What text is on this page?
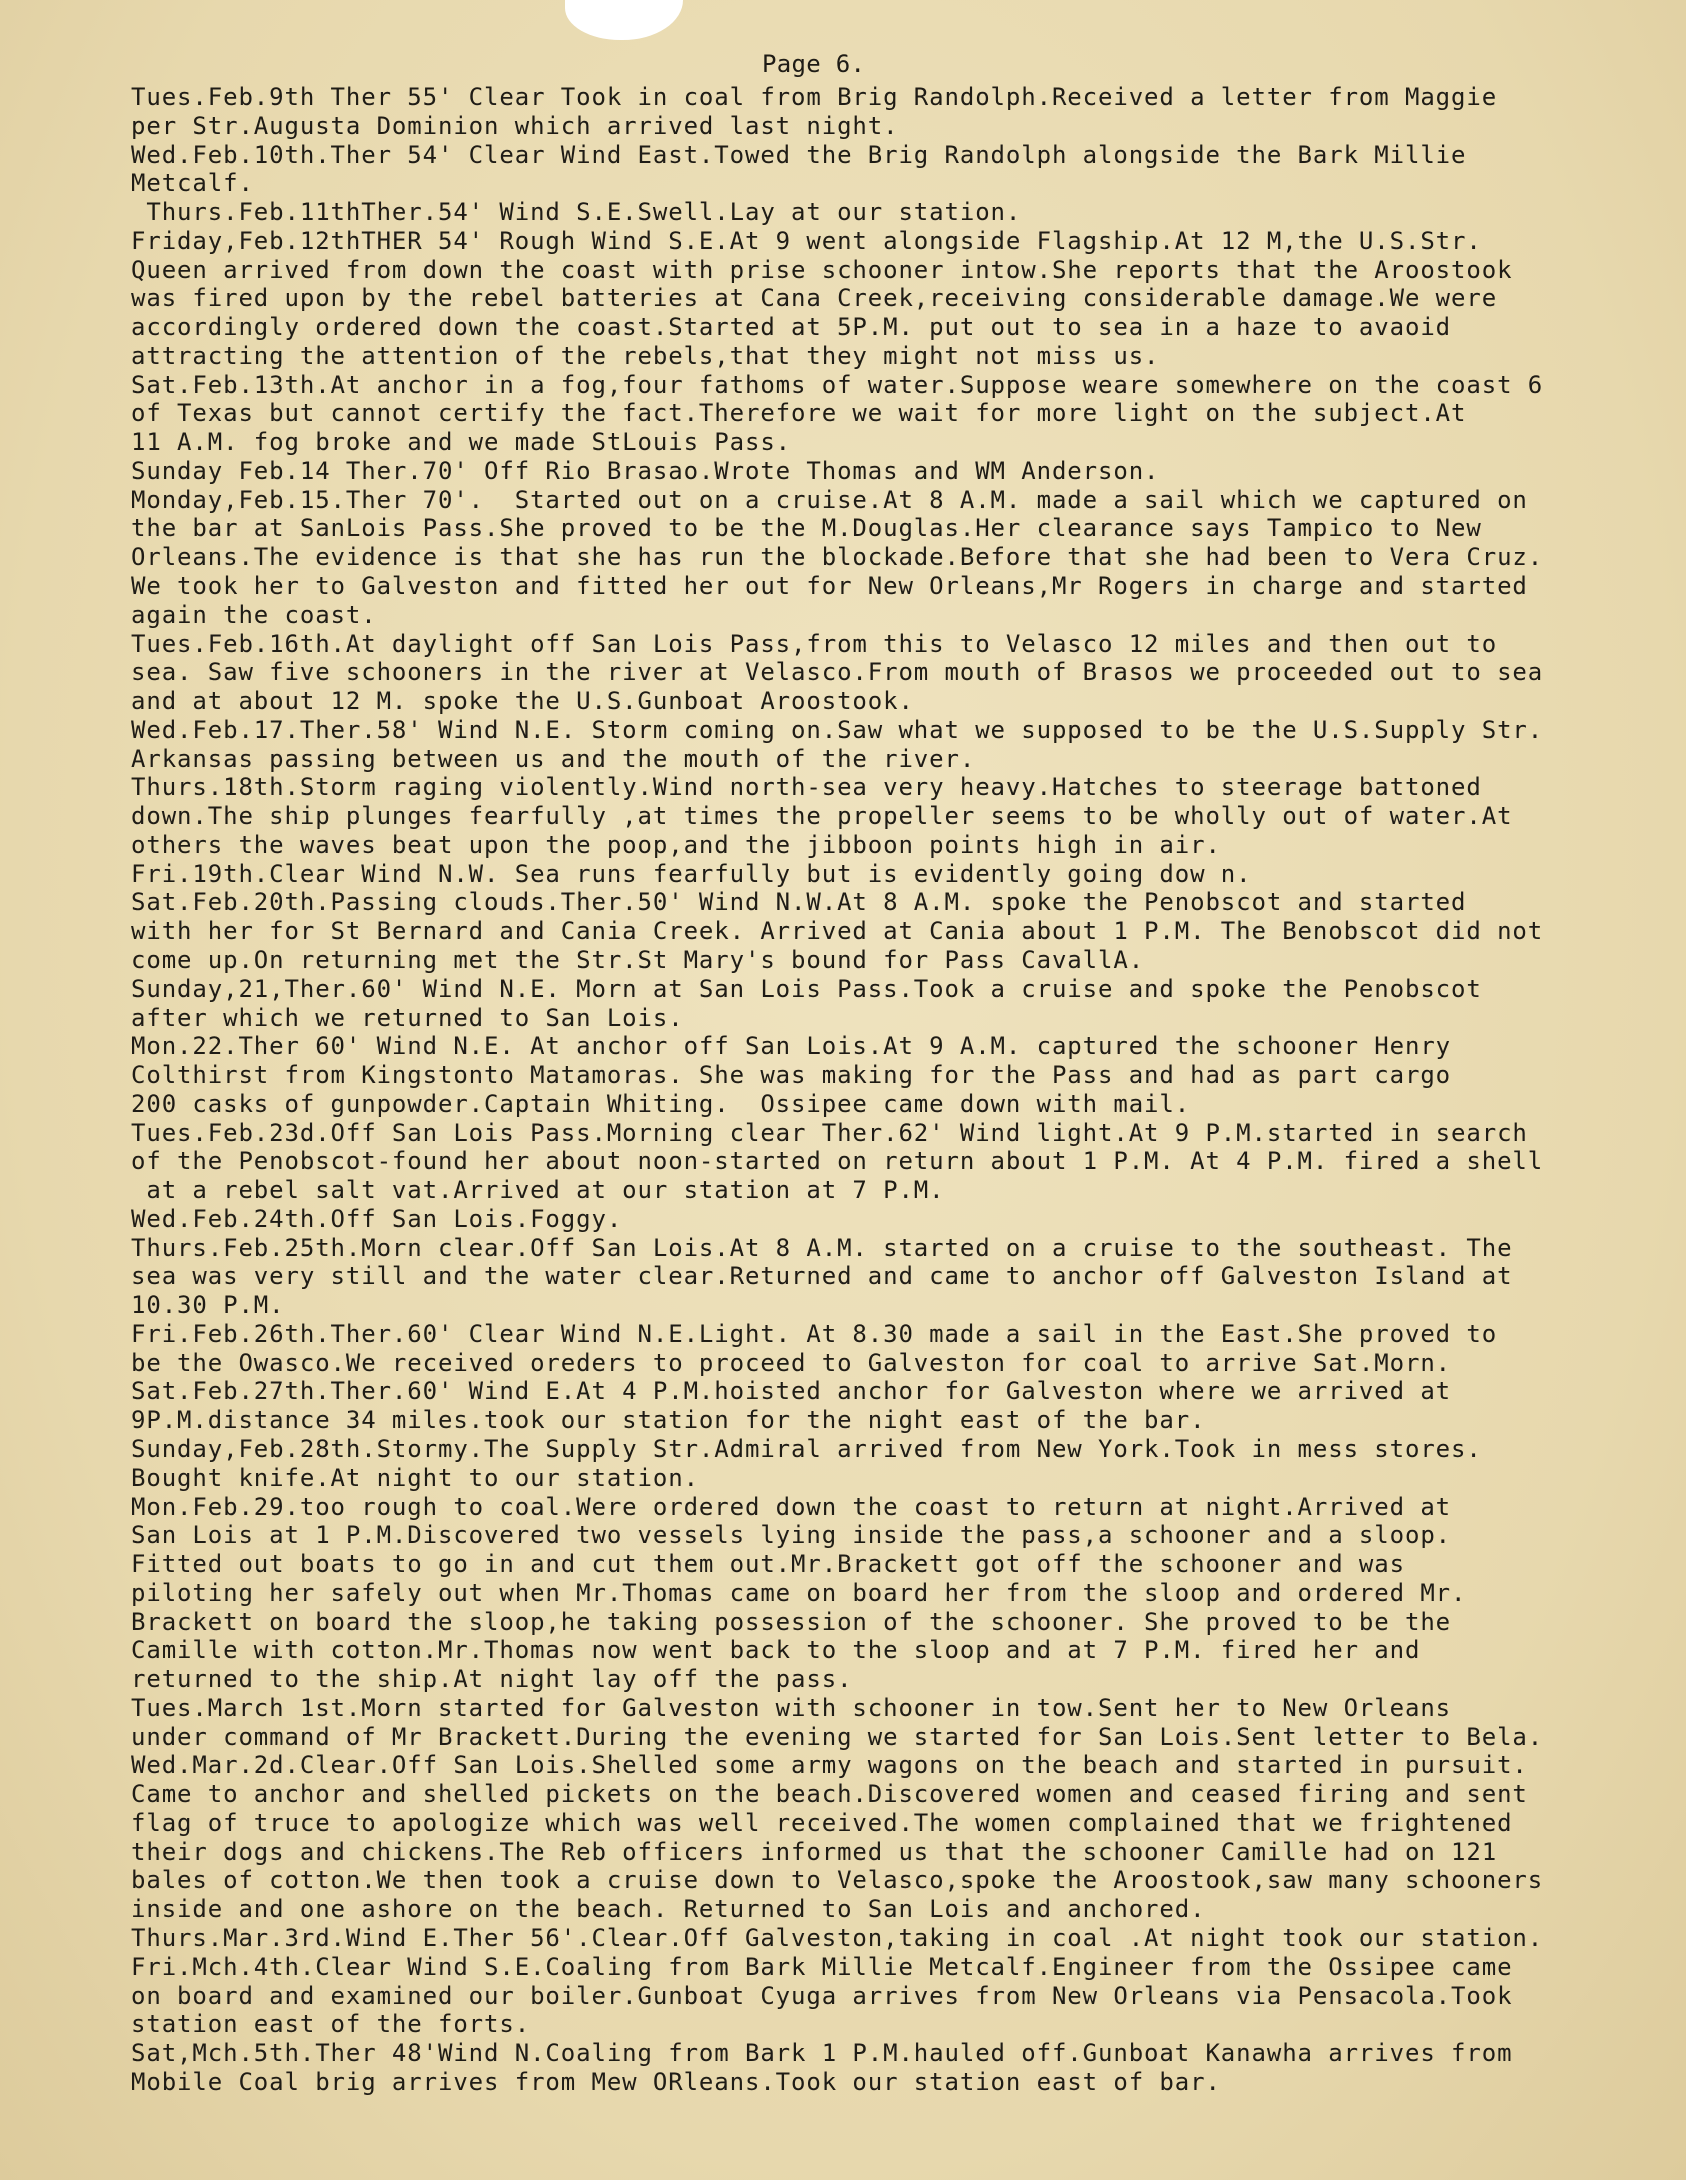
Page 6.
Tues.Feb.9th Ther 55' Clear Took in coal from Brig Randolph.Received a letter from Maggie
per Str.Augusta Dominion which arrived last night.
Wed.Feb.10th.Ther 54' Clear Wind East.Towed the Brig Randolph alongside the Bark Millie
Metcalf.
Thurs.Feb.11thTher.54' Wind S.E.Swell.Lay at our station.
Friday,Feb.12thTHER 54' Rough Wind S.E.At 9 went alongside Flagship.At 12 M,the U.S.Str.
Queen arrived from down the coast with prise schooner intow.She reports that the Aroostook
was fired upon by the rebel batteries at Cana Creek,receiving considerable damage.We were
accordingly ordered down the coast.Started at 5P.M. put out to sea in a haze to avaoid
attracting the attention of the rebels,that they might not miss us.
Sat.Feb.13th.At anchor in a fog,four fathoms of water.Suppose weare somewhere on the coast 6
of Texas but cannot certify the fact.Therefore we wait for more light on the subject.At
11 A.M. fog broke and we made StLouis Pass.
Sunday Feb.14 Ther.70' Off Rio Brasao.Wrote Thomas and WM Anderson.
Monday,Feb.15.Ther 70'.  Started out on a cruise.At 8 A.M. made a sail which we captured on
the bar at SanLois Pass.She proved to be the M.Douglas.Her clearance says Tampico to New
Orleans.The evidence is that she has run the blockade.Before that she had been to Vera Cruz.
We took her to Galveston and fitted her out for New Orleans,Mr Rogers in charge and started
again the coast.
Tues.Feb.16th.At daylight off San Lois Pass,from this to Velasco 12 miles and then out to
sea. Saw five schooners in the river at Velasco.From mouth of Brasos we proceeded out to sea
and at about 12 M. spoke the U.S.Gunboat Aroostook.
Wed.Feb.17.Ther.58' Wind N.E. Storm coming on.Saw what we supposed to be the U.S.Supply Str.
Arkansas passing between us and the mouth of the river.
Thurs.18th.Storm raging violently.Wind north-sea very heavy.Hatches to steerage battoned
down.The ship plunges fearfully ,at times the propeller seems to be wholly out of water.At
others the waves beat upon the poop,and the jibboon points high in air.
Fri.19th.Clear Wind N.W. Sea runs fearfully but is evidently going dow n.
Sat.Feb.20th.Passing clouds.Ther.50' Wind N.W.At 8 A.M. spoke the Penobscot and started
with her for St Bernard and Cania Creek. Arrived at Cania about 1 P.M. The Benobscot did not
come up.On returning met the Str.St Mary's bound for Pass CavallA.
Sunday,21,Ther.60' Wind N.E. Morn at San Lois Pass.Took a cruise and spoke the Penobscot
after which we returned to San Lois.
Mon.22.Ther 60' Wind N.E. At anchor off San Lois.At 9 A.M. captured the schooner Henry
Colthirst from Kingstonto Matamoras. She was making for the Pass and had as part cargo
200 casks of gunpowder.Captain Whiting.  Ossipee came down with mail.
Tues.Feb.23d.Off San Lois Pass.Morning clear Ther.62' Wind light.At 9 P.M.started in search
of the Penobscot-found her about noon-started on return about 1 P.M. At 4 P.M. fired a shell
at a rebel salt vat.Arrived at our station at 7 P.M.
Wed.Feb.24th.Off San Lois.Foggy.
Thurs.Feb.25th.Morn clear.Off San Lois.At 8 A.M. started on a cruise to the southeast. The
sea was very still and the water clear.Returned and came to anchor off Galveston Island at
10.30 P.M.
Fri.Feb.26th.Ther.60' Clear Wind N.E.Light. At 8.30 made a sail in the East.She proved to
be the Owasco.We received oreders to proceed to Galveston for coal to arrive Sat.Morn.
Sat.Feb.27th.Ther.60' Wind E.At 4 P.M.hoisted anchor for Galveston where we arrived at
9P.M.distance 34 miles.took our station for the night east of the bar.
Sunday,Feb.28th.Stormy.The Supply Str.Admiral arrived from New York.Took in mess stores.
Bought knife.At night to our station.
Mon.Feb.29.too rough to coal.Were ordered down the coast to return at night.Arrived at
San Lois at 1 P.M.Discovered two vessels lying inside the pass,a schooner and a sloop.
Fitted out boats to go in and cut them out.Mr.Brackett got off the schooner and was
piloting her safely out when Mr.Thomas came on board her from the sloop and ordered Mr.
Brackett on board the sloop,he taking possession of the schooner. She proved to be the
Camille with cotton.Mr.Thomas now went back to the sloop and at 7 P.M. fired her and
returned to the ship.At night lay off the pass.
Tues.March 1st.Morn started for Galveston with schooner in tow.Sent her to New Orleans
under command of Mr Brackett.During the evening we started for San Lois.Sent letter to Bela.
Wed.Mar.2d.Clear.Off San Lois.Shelled some army wagons on the beach and started in pursuit.
Came to anchor and shelled pickets on the beach.Discovered women and ceased firing and sent
flag of truce to apologize which was well received.The women complained that we frightened
their dogs and chickens.The Reb officers informed us that the schooner Camille had on 121
bales of cotton.We then took a cruise down to Velasco,spoke the Aroostook,saw many schooners
inside and one ashore on the beach. Returned to San Lois and anchored.
Thurs.Mar.3rd.Wind E.Ther 56'.Clear.Off Galveston,taking in coal .At night took our station.
Fri.Mch.4th.Clear Wind S.E.Coaling from Bark Millie Metcalf.Engineer from the Ossipee came
on board and examined our boiler.Gunboat Cyuga arrives from New Orleans via Pensacola.Took
station east of the forts.
Sat,Mch.5th.Ther 48'Wind N.Coaling from Bark 1 P.M.hauled off.Gunboat Kanawha arrives from
Mobile Coal brig arrives from Mew ORleans.Took our station east of bar.
